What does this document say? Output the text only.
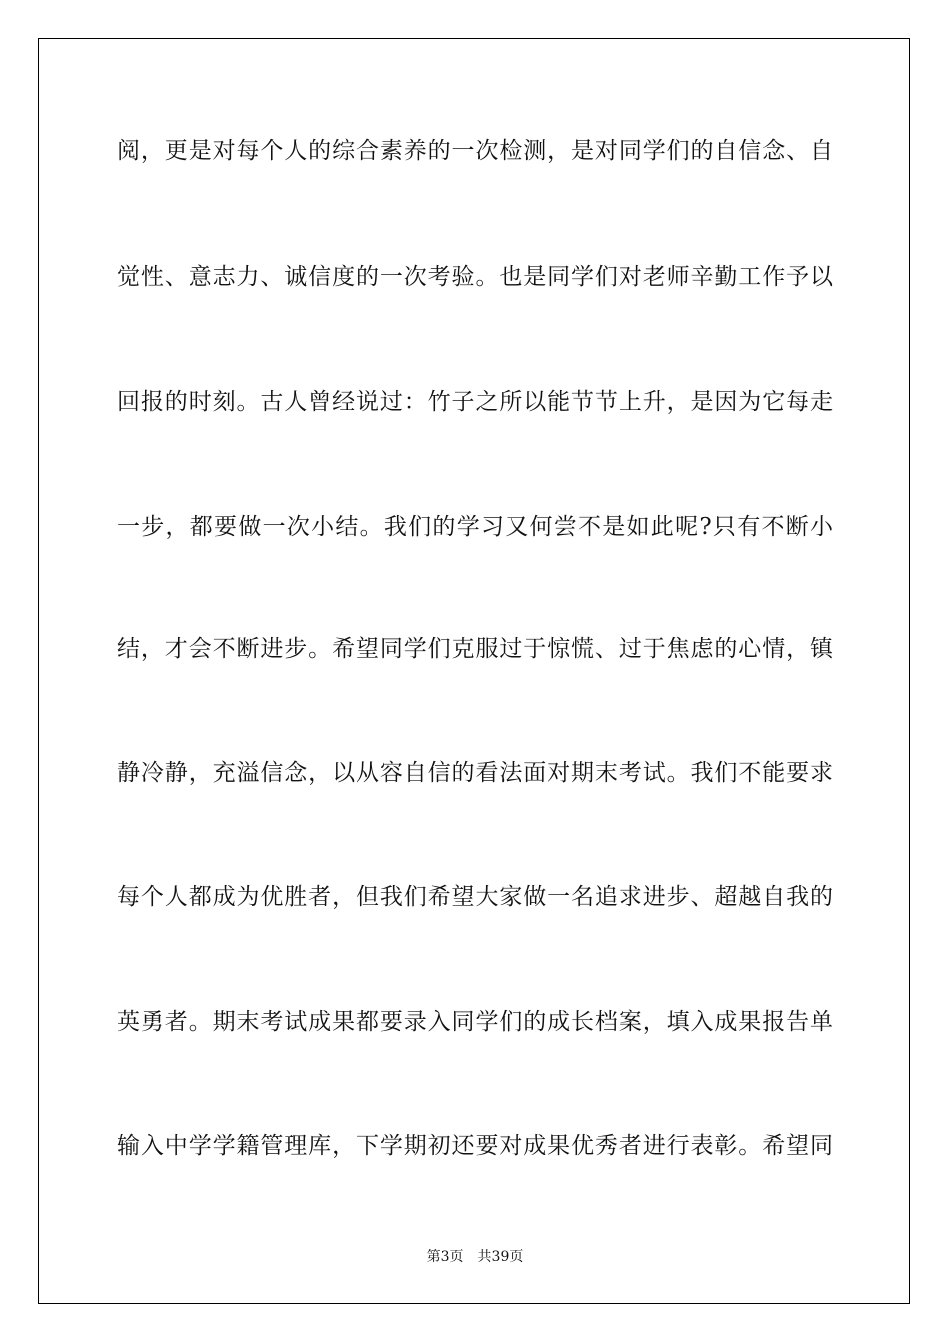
阅，更是对每个人的综合素养的一次检测，是对同学们的自信念、自
觉性、意志力、诚信度的一次考验。也是同学们对老师辛勤工作予以
回报的时刻。古人曾经说过：竹子之所以能节节上升，是因为它每走
一步，都要做一次小结。我们的学习又何尝不是如此呢?只有不断小
结，才会不断进步。希望同学们克服过于惊慌、过于焦虑的心情，镇
静冷静，充溢信念，以从容自信的看法面对期末考试。我们不能要求
每个人都成为优胜者，但我们希望大家做一名追求进步、超越自我的
英勇者。期末考试成果都要录入同学们的成长档案，填入成果报告单
输入中学学籍管理库，下学期初还要对成果优秀者进行表彰。希望同
第3页 共39页
